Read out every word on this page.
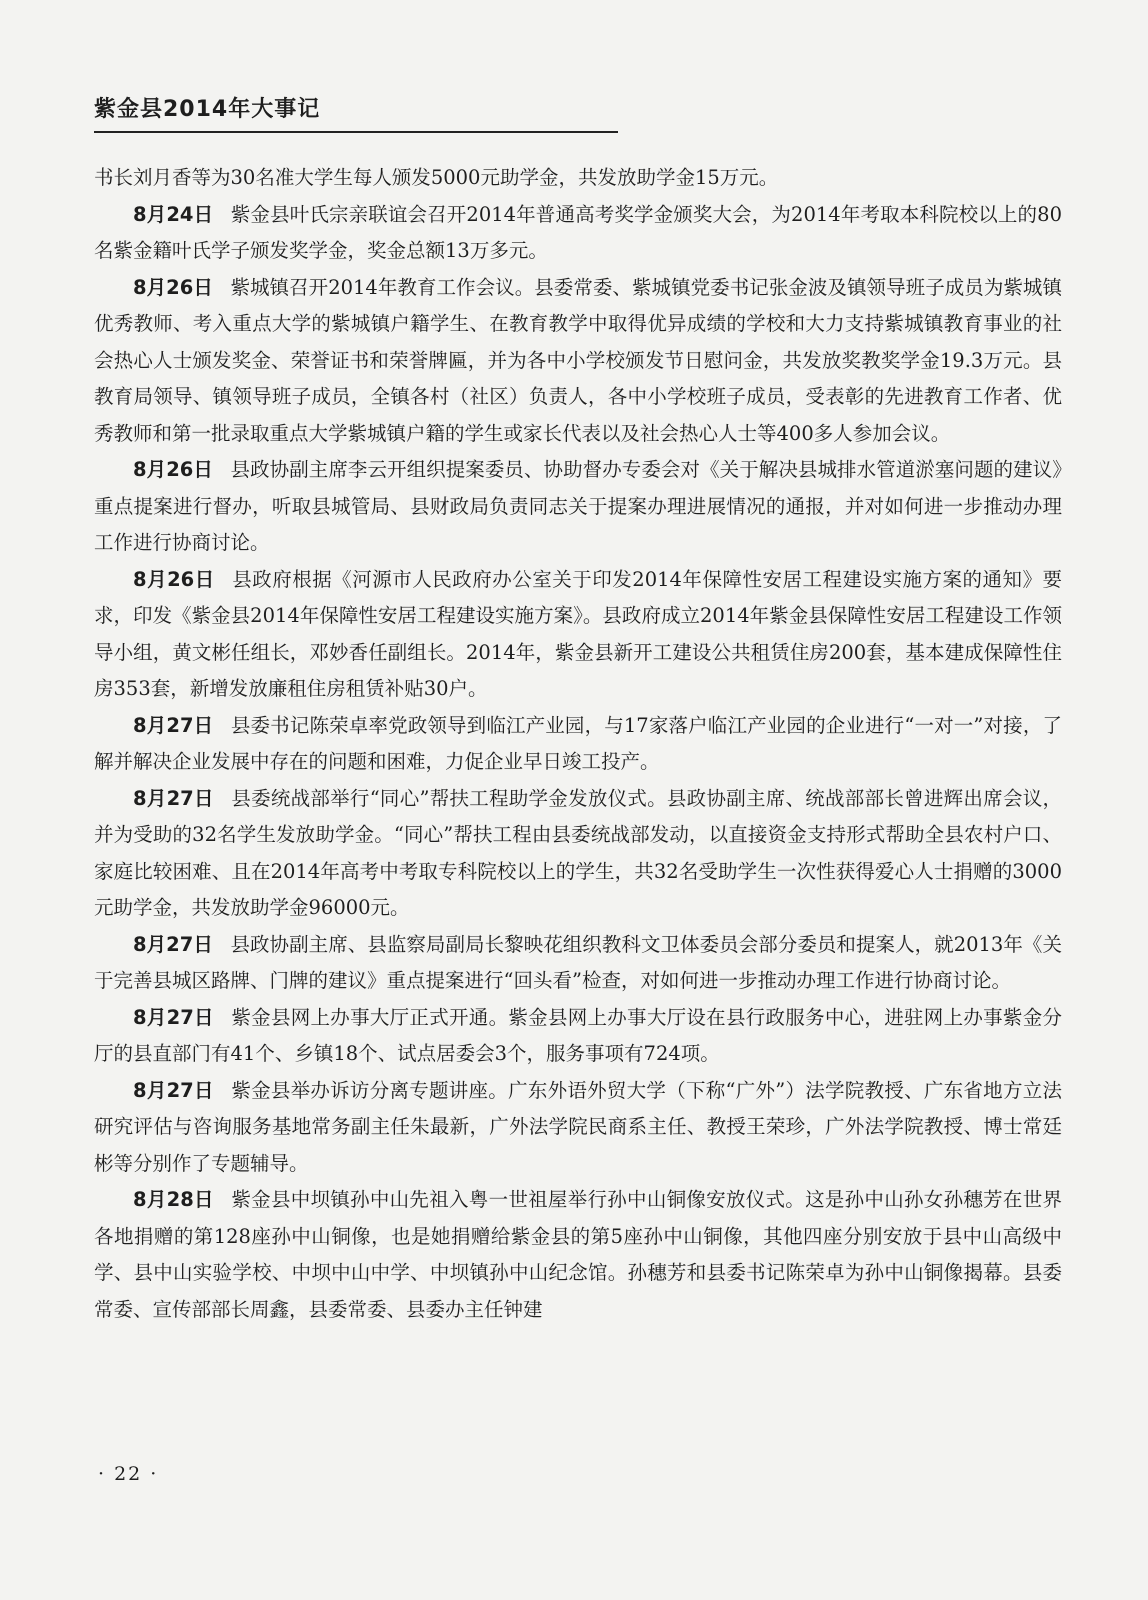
紫金县2014年大事记

书长刘月香等为30名准大学生每人颁发5000元助学金，共发放助学金15万元。

8月24日 紫金县叶氏宗亲联谊会召开2014年普通高考奖学金颁奖大会，为2014年考取本科院校以上的80名紫金籍叶氏学子颁发奖学金，奖金总额13万多元。

8月26日 紫城镇召开2014年教育工作会议。县委常委、紫城镇党委书记张金波及镇领导班子成员为紫城镇优秀教师、考入重点大学的紫城镇户籍学生、在教育教学中取得优异成绩的学校和大力支持紫城镇教育事业的社会热心人士颁发奖金、荣誉证书和荣誉牌匾，并为各中小学校颁发节日慰问金，共发放奖教奖学金19.3万元。县教育局领导、镇领导班子成员，全镇各村（社区）负责人，各中小学校班子成员，受表彰的先进教育工作者、优秀教师和第一批录取重点大学紫城镇户籍的学生或家长代表以及社会热心人士等400多人参加会议。

8月26日 县政协副主席李云开组织提案委员、协助督办专委会对《关于解决县城排水管道淤塞问题的建议》重点提案进行督办，听取县城管局、县财政局负责同志关于提案办理进展情况的通报，并对如何进一步推动办理工作进行协商讨论。

8月26日 县政府根据《河源市人民政府办公室关于印发2014年保障性安居工程建设实施方案的通知》要求，印发《紫金县2014年保障性安居工程建设实施方案》。县政府成立2014年紫金县保障性安居工程建设工作领导小组，黄文彬任组长，邓妙香任副组长。2014年，紫金县新开工建设公共租赁住房200套，基本建成保障性住房353套，新增发放廉租住房租赁补贴30户。

8月27日 县委书记陈荣卓率党政领导到临江产业园，与17家落户临江产业园的企业进行“一对一”对接，了解并解决企业发展中存在的问题和困难，力促企业早日竣工投产。

8月27日 县委统战部举行“同心”帮扶工程助学金发放仪式。县政协副主席、统战部部长曾进辉出席会议，并为受助的32名学生发放助学金。“同心”帮扶工程由县委统战部发动，以直接资金支持形式帮助全县农村户口、家庭比较困难、且在2014年高考中考取专科院校以上的学生，共32名受助学生一次性获得爱心人士捐赠的3000元助学金，共发放助学金96000元。

8月27日 县政协副主席、县监察局副局长黎映花组织教科文卫体委员会部分委员和提案人，就2013年《关于完善县城区路牌、门牌的建议》重点提案进行“回头看”检查，对如何进一步推动办理工作进行协商讨论。

8月27日 紫金县网上办事大厅正式开通。紫金县网上办事大厅设在县行政服务中心，进驻网上办事紫金分厅的县直部门有41个、乡镇18个、试点居委会3个，服务事项有724项。

8月27日 紫金县举办诉访分离专题讲座。广东外语外贸大学（下称“广外”）法学院教授、广东省地方立法研究评估与咨询服务基地常务副主任朱最新，广外法学院民商系主任、教授王荣珍，广外法学院教授、博士常廷彬等分别作了专题辅导。

8月28日 紫金县中坝镇孙中山先祖入粤一世祖屋举行孙中山铜像安放仪式。这是孙中山孙女孙穗芳在世界各地捐赠的第128座孙中山铜像，也是她捐赠给紫金县的第5座孙中山铜像，其他四座分别安放于县中山高级中学、县中山实验学校、中坝中山中学、中坝镇孙中山纪念馆。孙穗芳和县委书记陈荣卓为孙中山铜像揭幕。县委常委、宣传部部长周鑫，县委常委、县委办主任钟建

· 22 ·
